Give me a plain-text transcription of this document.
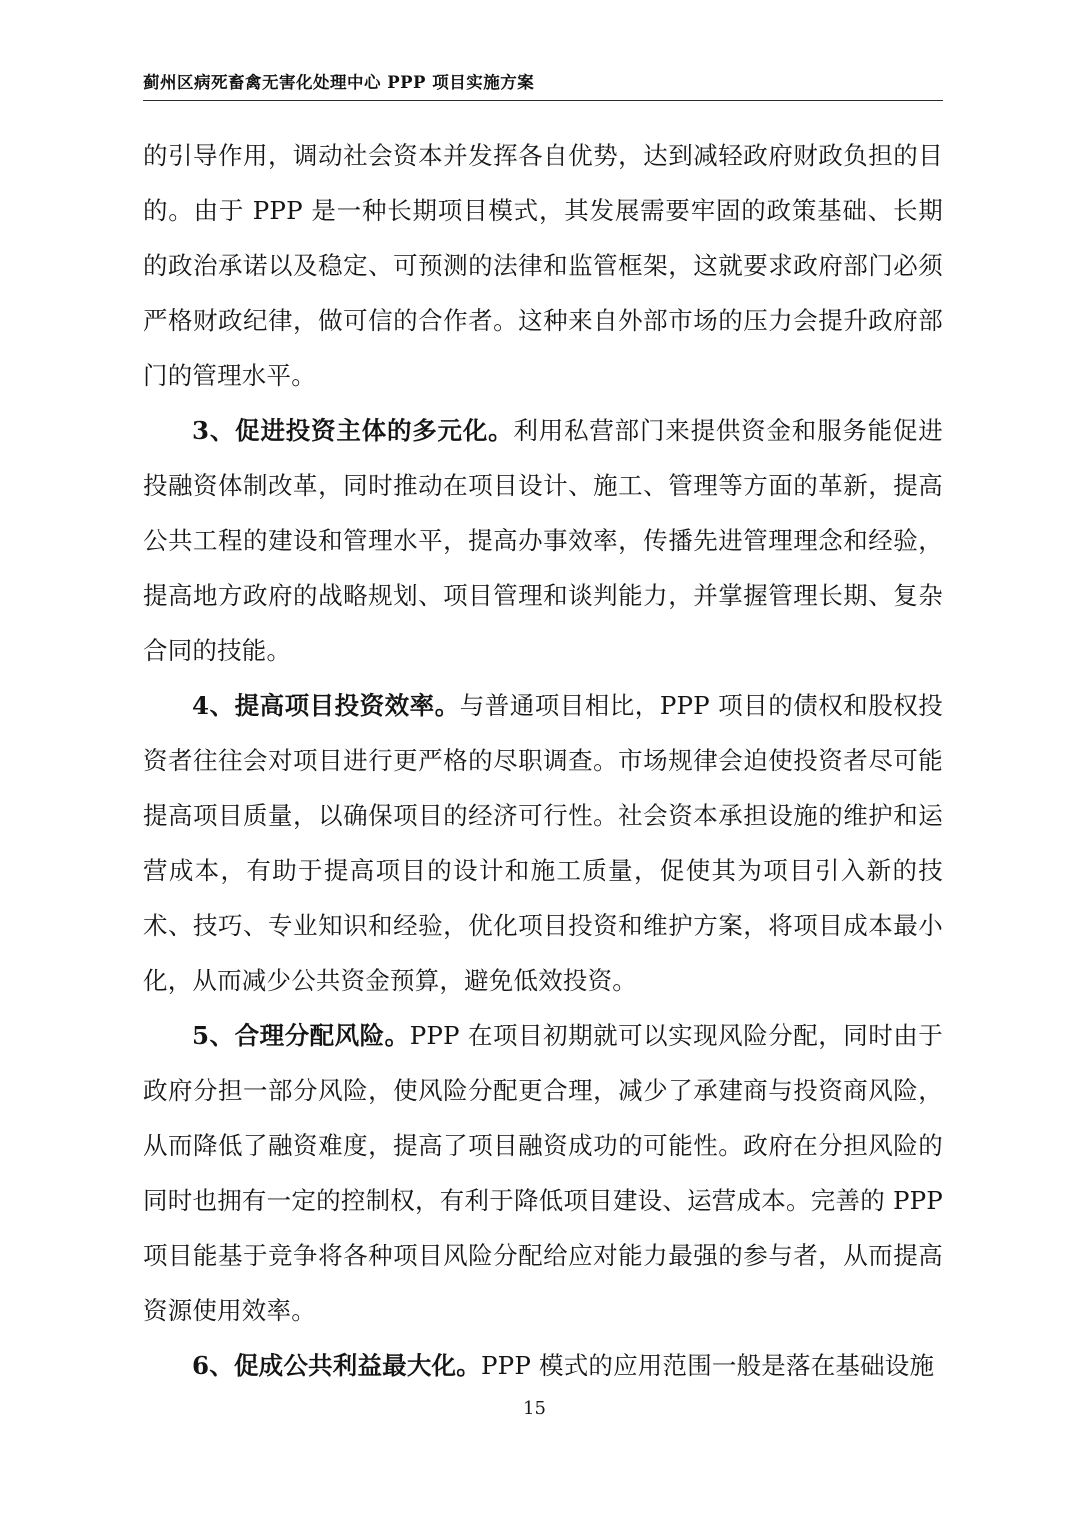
蓟州区病死畜禽无害化处理中心 PPP 项目实施方案

的引导作用，调动社会资本并发挥各自优势，达到减轻政府财政负担的目的。由于 PPP 是一种长期项目模式，其发展需要牢固的政策基础、长期的政治承诺以及稳定、可预测的法律和监管框架，这就要求政府部门必须严格财政纪律，做可信的合作者。这种来自外部市场的压力会提升政府部门的管理水平。

3、促进投资主体的多元化。利用私营部门来提供资金和服务能促进投融资体制改革，同时推动在项目设计、施工、管理等方面的革新，提高公共工程的建设和管理水平，提高办事效率，传播先进管理理念和经验，提高地方政府的战略规划、项目管理和谈判能力，并掌握管理长期、复杂合同的技能。

4、提高项目投资效率。与普通项目相比，PPP 项目的债权和股权投资者往往会对项目进行更严格的尽职调查。市场规律会迫使投资者尽可能提高项目质量，以确保项目的经济可行性。社会资本承担设施的维护和运营成本，有助于提高项目的设计和施工质量，促使其为项目引入新的技术、技巧、专业知识和经验，优化项目投资和维护方案，将项目成本最小化，从而减少公共资金预算，避免低效投资。

5、合理分配风险。PPP 在项目初期就可以实现风险分配，同时由于政府分担一部分风险，使风险分配更合理，减少了承建商与投资商风险，从而降低了融资难度，提高了项目融资成功的可能性。政府在分担风险的同时也拥有一定的控制权，有利于降低项目建设、运营成本。完善的 PPP 项目能基于竞争将各种项目风险分配给应对能力最强的参与者，从而提高资源使用效率。

6、促成公共利益最大化。PPP 模式的应用范围一般是落在基础设施

15
